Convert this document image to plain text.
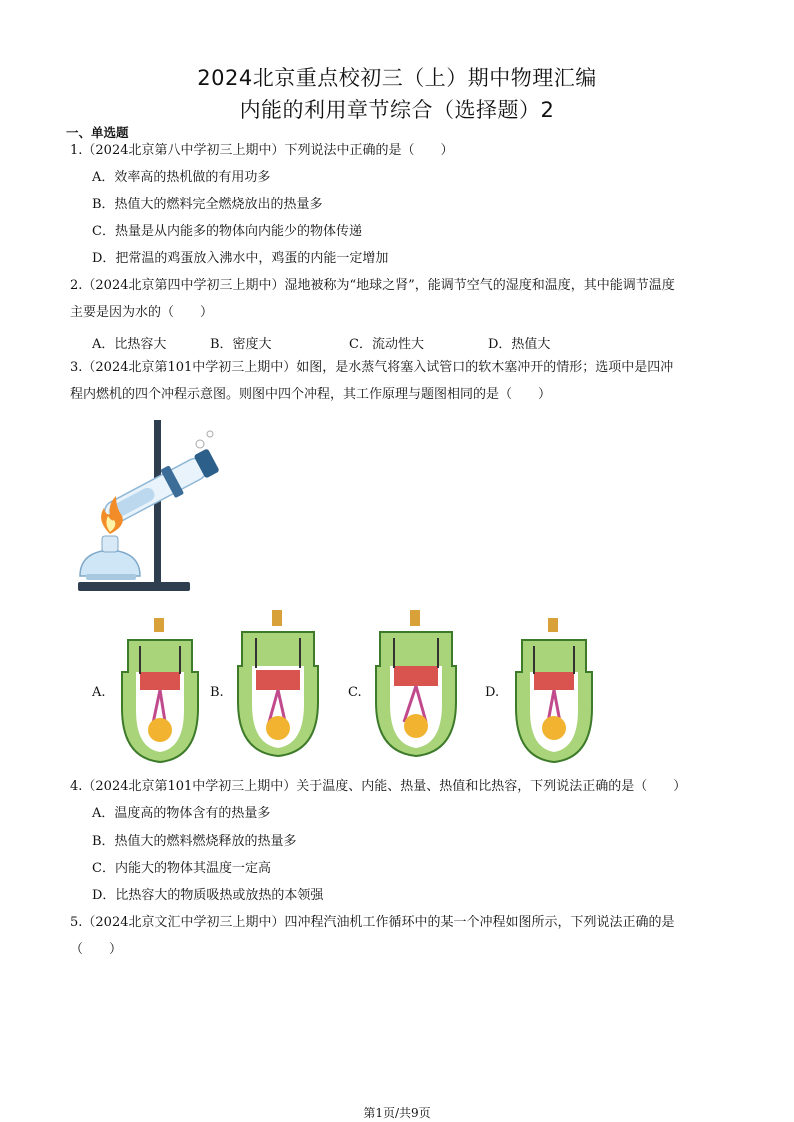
2024北京重点校初三（上）期中物理汇编
内能的利用章节综合（选择题）2
一、单选题
1.（2024北京第八中学初三上期中）下列说法中正确的是（　　）
A．效率高的热机做的有用功多
B．热值大的燃料完全燃烧放出的热量多
C．热量是从内能多的物体向内能少的物体传递
D．把常温的鸡蛋放入沸水中，鸡蛋的内能一定增加
2.（2024北京第四中学初三上期中）湿地被称为“地球之肾”，能调节空气的湿度和温度，其中能调节温度
主要是因为水的（　　）
A．比热容大	B．密度大	C．流动性大	D．热值大
3.（2024北京第101中学初三上期中）如图，是水蒸气将塞入试管口的软木塞冲开的情形；选项中是四冲
程内燃机的四个冲程示意图。则图中四个冲程，其工作原理与题图相同的是（　　）
A.	B.	C.	D.
4.（2024北京第101中学初三上期中）关于温度、内能、热量、热值和比热容，下列说法正确的是（　　）
A．温度高的物体含有的热量多
B．热值大的燃料燃烧释放的热量多
C．内能大的物体其温度一定高
D．比热容大的物质吸热或放热的本领强
5.（2024北京文汇中学初三上期中）四冲程汽油机工作循环中的某一个冲程如图所示，下列说法正确的是
（　　）
第1页/共9页
